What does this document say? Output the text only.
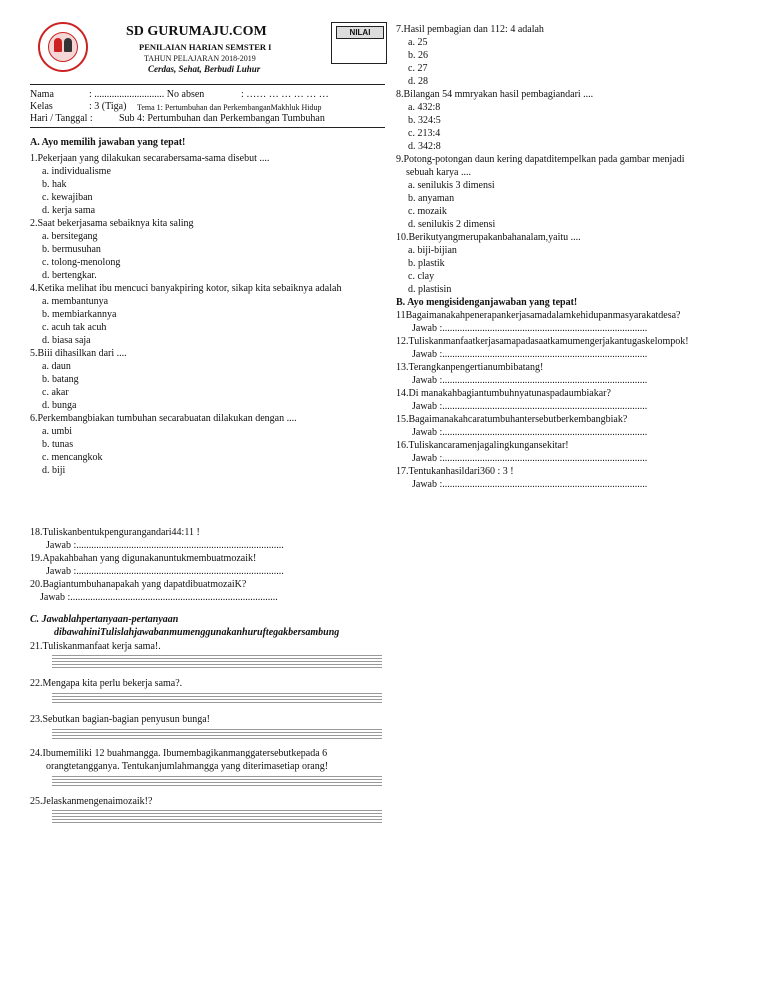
SD GURUMAJU.COM
PENILAIAN HARIAN SEMSTER I
TAHUN PELAJARAN 2018-2019
Cerdas, Sehat, Berbudi Luhur
NILAI
Nama	: ............................ No absen	: …… … … … … …
Kelas	: 3 (Tiga) Tema 1: Pertumbuhan dan PerkembanganMakhluk Hidup
Hari / Tanggal :	Sub 4: Pertumbuhan dan Perkembangan Tumbuhan
A. Ayo memilih jawaban yang tepat!
1.Pekerjaan yang dilakukan secarabersama-sama disebut ....
a. individualisme
b. hak
c. kewajiban
d. kerja sama
2.Saat bekerjasama sebaiknya kita saling
a. bersitegang
b. bermusuhan
c. tolong-menolong
d. bertengkar.
4.Ketika melihat ibu mencuci banyakpiring kotor, sikap kita sebaiknya adalah
a. membantunya
b. membiarkannya
c. acuh tak acuh
d. biasa saja
5.Biii dihasilkan dari ....
a. daun
b. batang
c. akar
d. bunga
6.Perkembangbiakan tumbuhan secarabuatan dilakukan dengan ....
a. umbi
b. tunas
c. mencangkok
d. biji
7.Hasil pembagian dan 112: 4 adalah
a. 25
b. 26
c. 27
d. 28
8.Bilangan 54 mmryakan hasil pembagiandari ....
a. 432:8
b. 324:5
c. 213:4
d. 342:8
9.Potong-potongan daun kering dapatditempelkan pada gambar menjadi
sebuah karya ....
a. senilukis 3 dimensi
b. anyaman
c. mozaik
d. senilukis 2 dimensi
10.Berikutyangmerupakanbahanalam,yaitu ....
a. biji-bijian
b. plastik
c. clay
d. plastisin
B. Ayo mengisidenganjawaban yang tepat!
11Bagaimanakahpenerapankerjasamadalamkehidupanmasyarakatdesa?
Jawab :..................................................................................
12.Tuliskanmanfaatkerjasamapadasaatkamumengerjakantugaskelompok!
Jawab :..................................................................................
13.Terangkanpengertianumbibatang!
Jawab :..................................................................................
14.Di manakahbagiantumbuhnyatunaspadaumbiakar?
Jawab :..................................................................................
15.Bagaimanakahcaratumbuhantersebutberkembangbiak?
Jawab :..................................................................................
16.Tuliskancaramenjagalingkungansekitar!
Jawab :..................................................................................
17.Tentukanhasildari360 : 3 !
Jawab :..................................................................................
18.Tuliskanbentukpengurangandari44:11 !
Jawab :...................................................................................
19.Apakahbahan yang digunakanuntukmembuatmozaik!
Jawab :...................................................................................
20.Bagiantumbuhanapakah yang dapatdibuatmozaiK?
Jawab :...................................................................................
C. Jawablahpertanyaan-pertanyaan
dibawahiniTulislahjawabanmumenggunakanhuruftegakbersambung
21.Tuliskanmanfaat kerja sama!.
22.Mengapa kita perlu bekerja sama?.
23.Sebutkan bagian-bagian penyusun bunga!
24.Ibumemiliki 12 buahmangga. Ibumembagikanmanggatersebutkepada 6
orangtetangganya. Tentukanjumlahmangga yang diterimasetiap orang!
25.Jelaskanmengenaimozaik!?
